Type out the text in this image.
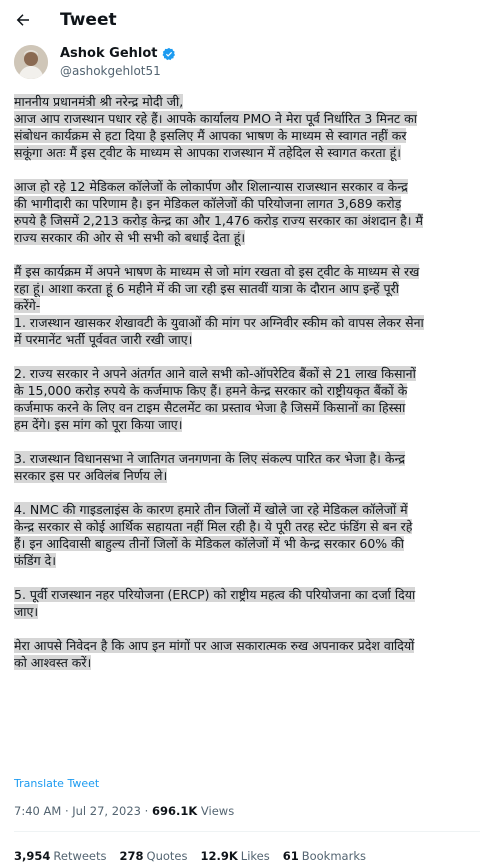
Tweet
Ashok Gehlot
@ashokgehlot51
माननीय प्रधानमंत्री श्री नरेन्द्र मोदी जी,
आज आप राजस्थान पधार रहे हैं। आपके कार्यालय PMO ने मेरा पूर्व निर्धारित 3 मिनट का
संबोधन कार्यक्रम से हटा दिया है इसलिए मैं आपका भाषण के माध्यम से स्वागत नहीं कर
सकूंगा अतः मैं इस ट्वीट के माध्यम से आपका राजस्थान में तहेदिल से स्वागत करता हूं।
आज हो रहे 12 मेडिकल कॉलेजों के लोकार्पण और शिलान्यास राजस्थान सरकार व केन्द्र
की भागीदारी का परिणाम है। इन मेडिकल कॉलेजों की परियोजना लागत 3,689 करोड़
रुपये है जिसमें 2,213 करोड़ केन्द्र का और 1,476 करोड़ राज्य सरकार का अंशदान है। मैं
राज्य सरकार की ओर से भी सभी को बधाई देता हूं।
मैं इस कार्यक्रम में अपने भाषण के माध्यम से जो मांग रखता वो इस ट्वीट के माध्यम से रख
रहा हूं। आशा करता हूं 6 महीने में की जा रही इस सातवीं यात्रा के दौरान आप इन्हें पूरी
करेंगे-
1. राजस्थान खासकर शेखावटी के युवाओं की मांग पर अग्निवीर स्कीम को वापस लेकर सेना
में परमानेंट भर्ती पूर्ववत जारी रखी जाए।
2. राज्य सरकार ने अपने अंतर्गत आने वाले सभी को-ऑपरेटिव बैंकों से 21 लाख किसानों
के 15,000 करोड़ रुपये के कर्जमाफ किए हैं। हमने केन्द्र सरकार को राष्ट्रीयकृत बैंकों के
कर्जमाफ करने के लिए वन टाइम सैटलमेंट का प्रस्ताव भेजा है जिसमें किसानों का हिस्सा
हम देंगे। इस मांग को पूरा किया जाए।
3. राजस्थान विधानसभा ने जातिगत जनगणना के लिए संकल्प पारित कर भेजा है। केन्द्र
सरकार इस पर अविलंब निर्णय ले।
4. NMC की गाइडलाइंस के कारण हमारे तीन जिलों में खोले जा रहे मेडिकल कॉलेजों में
केन्द्र सरकार से कोई आर्थिक सहायता नहीं मिल रही है। ये पूरी तरह स्टेट फंडिंग से बन रहे
हैं। इन आदिवासी बाहुल्य तीनों जिलों के मेडिकल कॉलेजों में भी केन्द्र सरकार 60% की
फंडिंग दे।
5. पूर्वी राजस्थान नहर परियोजना (ERCP) को राष्ट्रीय महत्व की परियोजना का दर्जा दिया
जाए।
मेरा आपसे निवेदन है कि आप इन मांगों पर आज सकारात्मक रुख अपनाकर प्रदेश वादियों
को आश्वस्त करें।
Translate Tweet
7:40 AM · Jul 27, 2023 · 696.1K Views
3,954 Retweets 278 Quotes 12.9K Likes 61 Bookmarks
